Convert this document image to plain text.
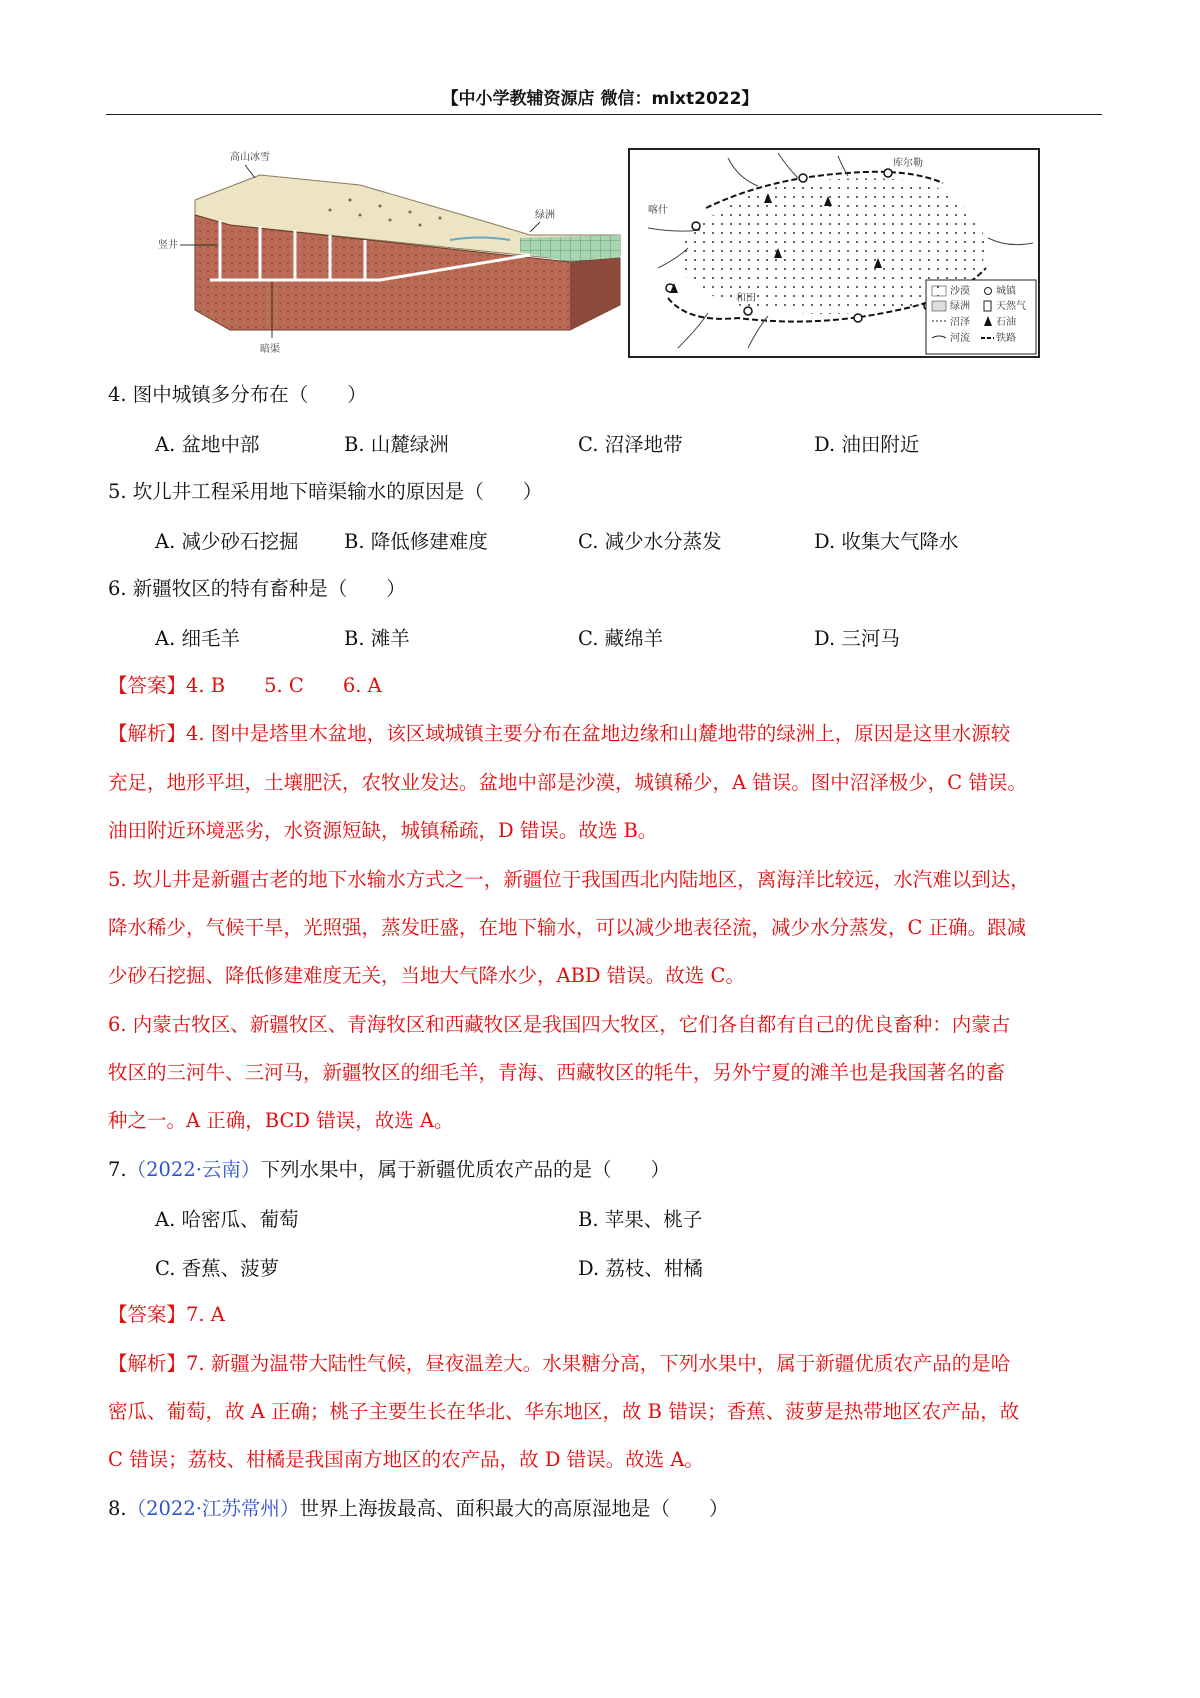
【中小学教辅资源店 微信：mlxt2022】
高山冰雪
竖井
绿洲
暗渠
喀什
库尔勒
和田
沙漠
绿洲
沼泽
河流
城镇
天然气
石油
铁路
4. 图中城镇多分布在（　　）
A. 盆地中部	B. 山麓绿洲	C. 沼泽地带	D. 油田附近
5. 坎儿井工程采用地下暗渠输水的原因是（　　）
A. 减少砂石挖掘 B. 降低修建难度	C. 减少水分蒸发	D. 收集大气降水
6. 新疆牧区的特有畜种是（　　）
A. 细毛羊	B. 滩羊	C. 藏绵羊	D. 三河马
【答案】4. B　　5. C　　6. A
【解析】4. 图中是塔里木盆地，该区域城镇主要分布在盆地边缘和山麓地带的绿洲上，原因是这里水源较
充足，地形平坦，土壤肥沃，农牧业发达。盆地中部是沙漠，城镇稀少，A 错误。图中沼泽极少，C 错误。
油田附近环境恶劣，水资源短缺，城镇稀疏，D 错误。故选 B。
5. 坎儿井是新疆古老的地下水输水方式之一，新疆位于我国西北内陆地区，离海洋比较远，水汽难以到达，
降水稀少，气候干旱，光照强，蒸发旺盛，在地下输水，可以减少地表径流，减少水分蒸发，C 正确。跟减
少砂石挖掘、降低修建难度无关，当地大气降水少，ABD 错误。故选 C。
6. 内蒙古牧区、新疆牧区、青海牧区和西藏牧区是我国四大牧区，它们各自都有自己的优良畜种：内蒙古
牧区的三河牛、三河马，新疆牧区的细毛羊，青海、西藏牧区的牦牛，另外宁夏的滩羊也是我国著名的畜
种之一。A 正确，BCD 错误，故选 A。
7.（2022·云南）下列水果中，属于新疆优质农产品的是（　　）
A. 哈密瓜、葡萄	B. 苹果、桃子
C. 香蕉、菠萝	D. 荔枝、柑橘
【答案】7. A
【解析】7. 新疆为温带大陆性气候，昼夜温差大。水果糖分高，下列水果中，属于新疆优质农产品的是哈
密瓜、葡萄，故 A 正确；桃子主要生长在华北、华东地区，故 B 错误；香蕉、菠萝是热带地区农产品，故
C 错误；荔枝、柑橘是我国南方地区的农产品，故 D 错误。故选 A。
8.（2022·江苏常州）世界上海拔最高、面积最大的高原湿地是（　　）
